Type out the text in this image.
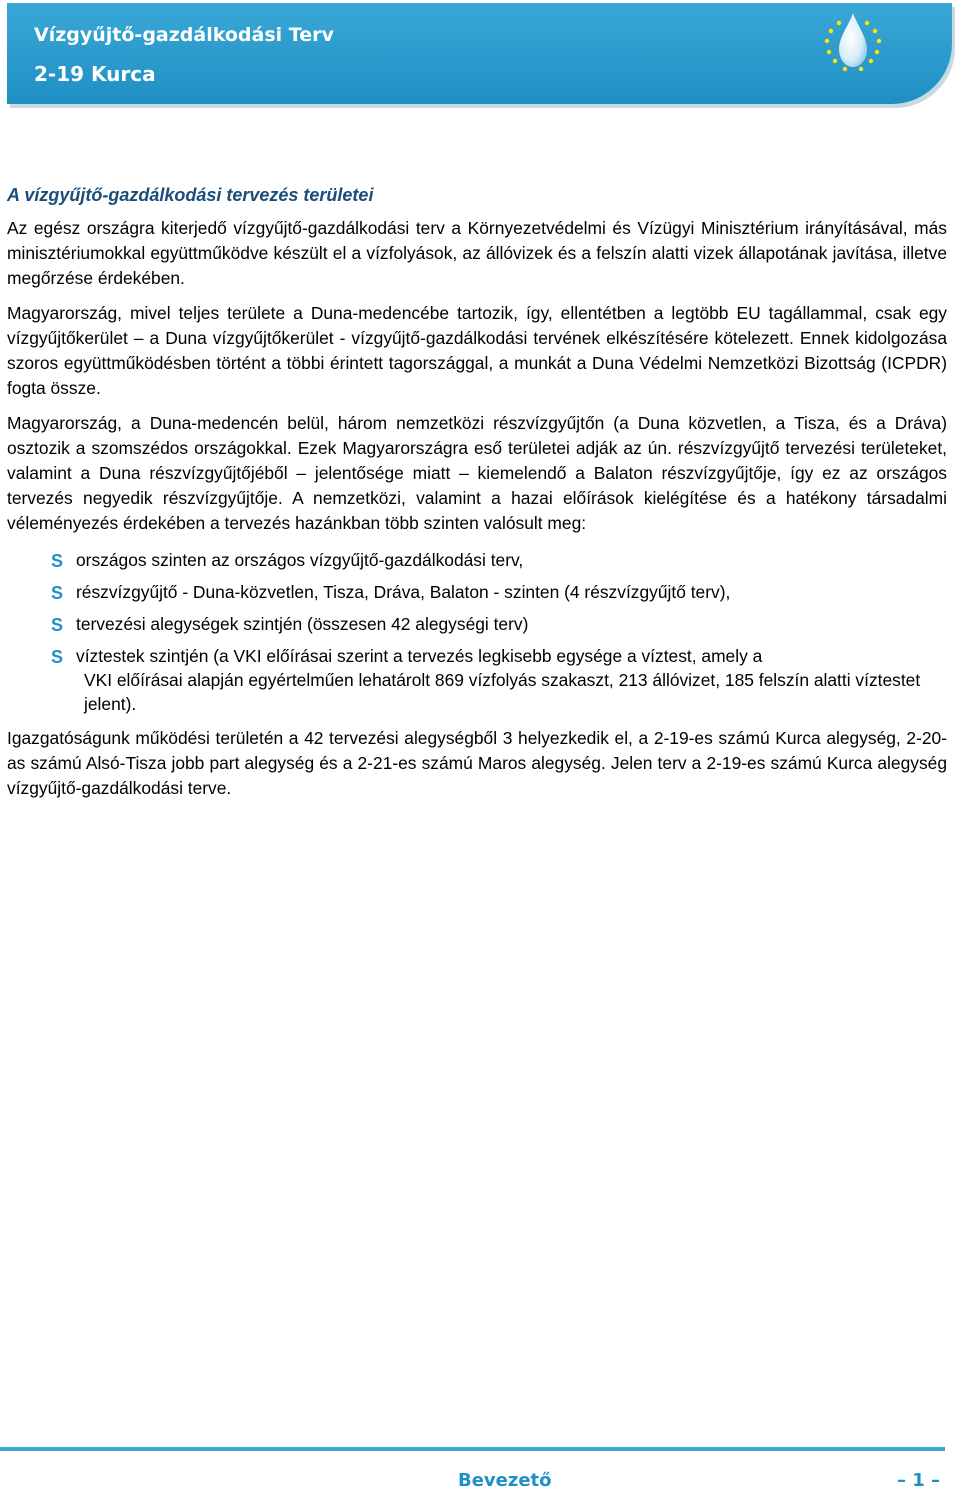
Vízgyűjtő-gazdálkodási Terv
2-19 Kurca
A vízgyűjtő-gazdálkodási tervezés területei

Az egész országra kiterjedő vízgyűjtő-gazdálkodási terv a Környezetvédelmi és Vízügyi Minisztérium irányításával, más minisztériumokkal együttműködve készült el a vízfolyások, az állóvizek és a felszín alatti vizek állapotának javítása, illetve megőrzése érdekében.

Magyarország, mivel teljes területe a Duna-medencébe tartozik, így, ellentétben a legtöbb EU tagállammal, csak egy vízgyűjtőkerület – a Duna vízgyűjtőkerület - vízgyűjtő-gazdálkodási tervének elkészítésére kötelezett. Ennek kidolgozása szoros együttműködésben történt a többi érintett tagországgal, a munkát a Duna Védelmi Nemzetközi Bizottság (ICPDR) fogta össze.

Magyarország, a Duna-medencén belül, három nemzetközi részvízgyűjtőn (a Duna közvetlen, a Tisza, és a Dráva) osztozik a szomszédos országokkal. Ezek Magyarországra eső területei adják az ún. részvízgyűjtő tervezési területeket, valamint a Duna részvízgyűjtőjéből – jelentősége miatt – kiemelendő a Balaton részvízgyűjtője, így ez az országos tervezés negyedik részvízgyűjtője. A nemzetközi, valamint a hazai előírások kielégítése és a hatékony társadalmi véleményezés érdekében a tervezés hazánkban több szinten valósult meg:

S országos szinten az országos vízgyűjtő-gazdálkodási terv,
S részvízgyűjtő - Duna-közvetlen, Tisza, Dráva, Balaton - szinten (4 részvízgyűjtő terv),
S tervezési alegységek szintjén (összesen 42 alegységi terv)
S víztestek szintjén (a VKI előírásai szerint a tervezés legkisebb egysége a víztest, amely a
VKI előírásai alapján egyértelműen lehatárolt 869 vízfolyás szakaszt, 213 állóvizet, 185 felszín alatti víztestet jelent).

Igazgatóságunk működési területén a 42 tervezési alegységből 3 helyezkedik el, a 2-19-es számú Kurca alegység, 2-20-as számú Alsó-Tisza jobb part alegység és a 2-21-es számú Maros alegység. Jelen terv a 2-19-es számú Kurca alegység vízgyűjtő-gazdálkodási terve.

Bevezető	– 1 –
